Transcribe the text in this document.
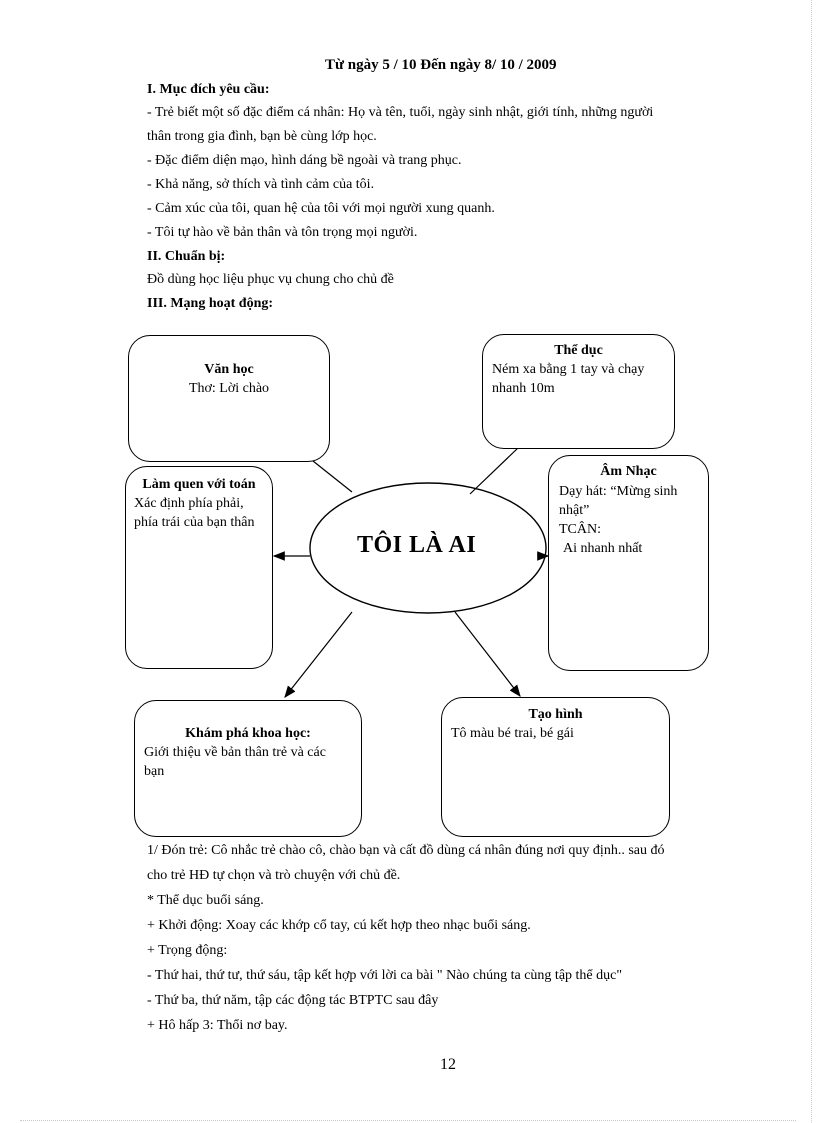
Từ ngày 5 / 10 Đến ngày 8/ 10 / 2009
I. Mục đích yêu cầu:
- Trẻ biết một số đặc điểm cá nhân: Họ và tên, tuổi, ngày sinh nhật, giới tính, những người
thân trong gia đình, bạn bè cùng lớp học.
- Đặc điểm diện mạo, hình dáng bề ngoài và trang phục.
- Khả năng, sở thích và tình cảm của tôi.
- Cảm xúc của tôi, quan hệ của tôi với mọi người xung quanh.
- Tôi tự hào về bản thân và tôn trọng mọi người.
II. Chuẩn bị:
Đồ dùng học liệu phục vụ chung cho chủ đề
III. Mạng hoạt động:
TÔI LÀ AI
Văn học
Thơ: Lời chào
Thể dục
Ném xa bằng 1 tay và chạy nhanh 10m
Làm quen với toán
Xác định phía phải, phía trái của bạn thân
Âm Nhạc
Dạy hát: “Mừng sinh nhật”
TCÂN:
Ai nhanh nhất
Khám phá khoa học:
Giới thiệu về bản thân trẻ và các bạn
Tạo hình
Tô màu bé trai, bé gái
1/ Đón trẻ: Cô nhắc trẻ chào cô, chào bạn và cất đồ dùng cá nhân đúng nơi quy định.. sau đó
cho trẻ HĐ tự chọn và trò chuyện với chủ đề.
* Thể dục buổi sáng.
+ Khởi động: Xoay các khớp cổ tay, cú kết hợp theo nhạc buổi sáng.
+ Trọng động:
- Thứ hai, thứ tư, thứ sáu, tập kết hợp với lời ca bài " Nào chúng ta cùng tập thể dục"
- Thứ ba, thứ năm, tập các động tác BTPTC sau đây
+ Hô hấp 3: Thổi nơ bay.
12
